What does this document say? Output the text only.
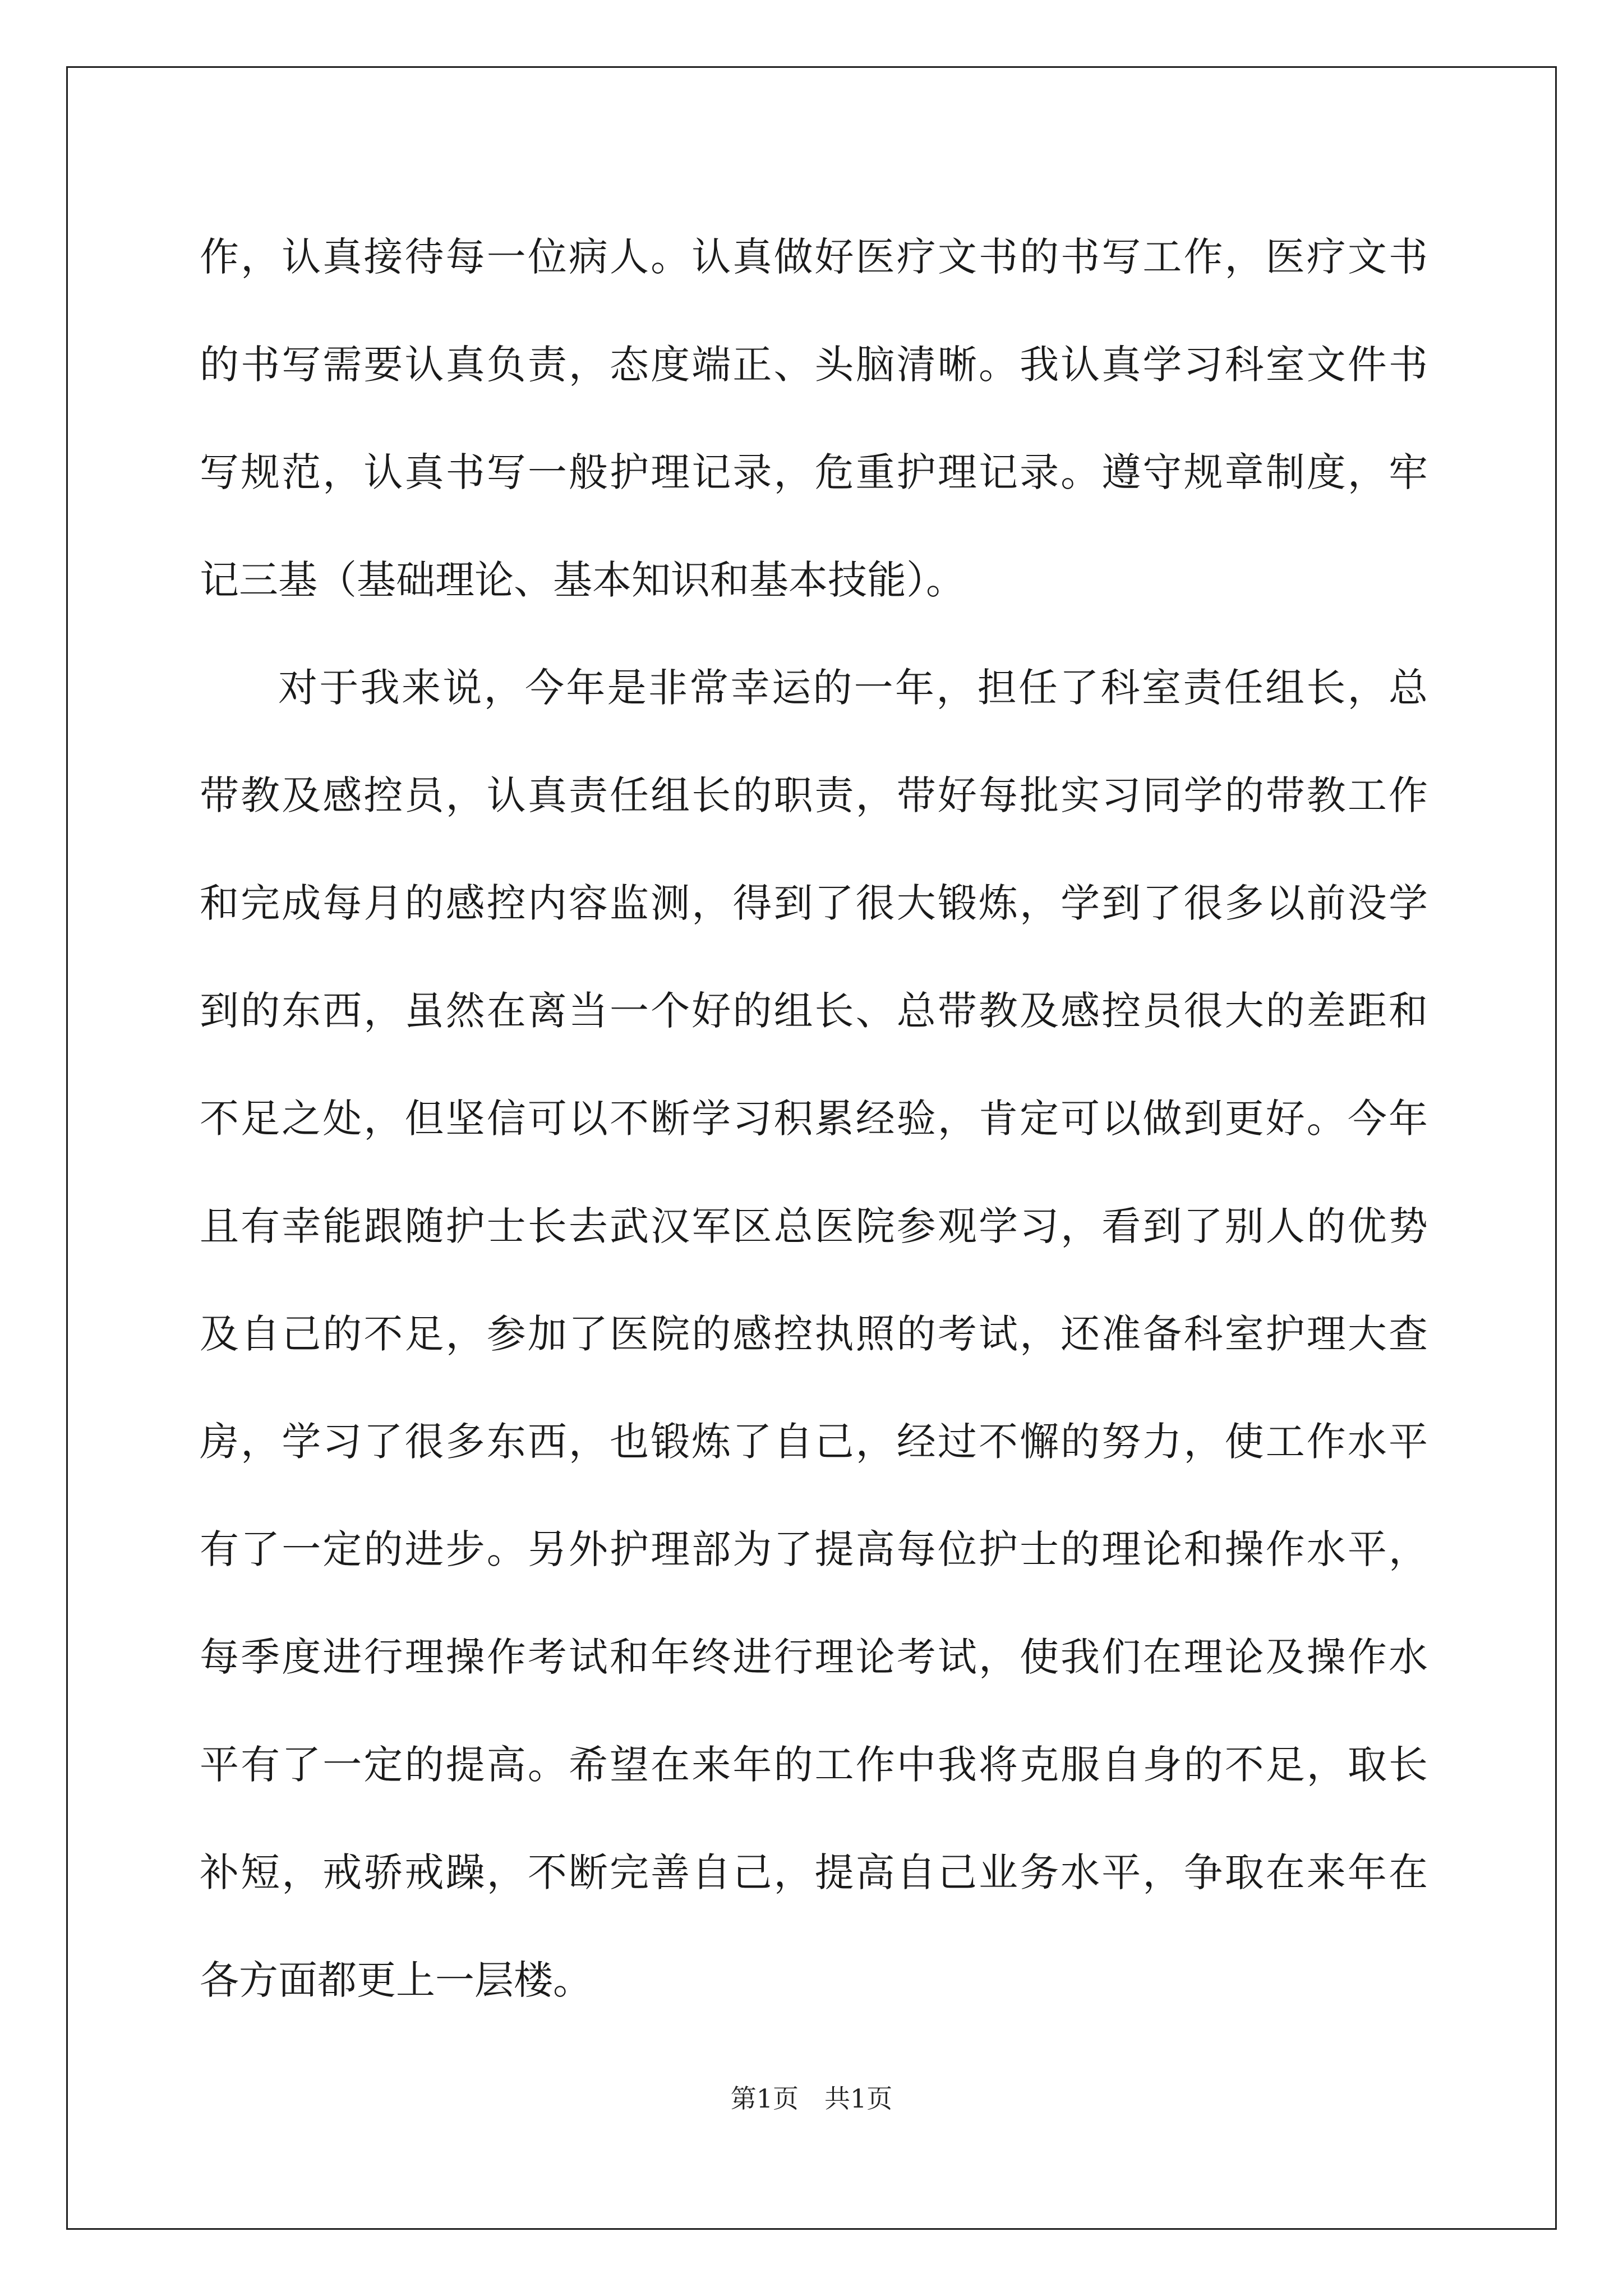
作，认真接待每一位病人。认真做好医疗文书的书写工作，医疗文书
的书写需要认真负责，态度端正、头脑清晰。我认真学习科室文件书
写规范，认真书写一般护理记录，危重护理记录。遵守规章制度，牢
记三基（基础理论、基本知识和基本技能）。
对于我来说，今年是非常幸运的一年，担任了科室责任组长，总
带教及感控员，认真责任组长的职责，带好每批实习同学的带教工作
和完成每月的感控内容监测，得到了很大锻炼，学到了很多以前没学
到的东西，虽然在离当一个好的组长、总带教及感控员很大的差距和
不足之处，但坚信可以不断学习积累经验，肯定可以做到更好。今年
且有幸能跟随护士长去武汉军区总医院参观学习，看到了别人的优势
及自己的不足，参加了医院的感控执照的考试，还准备科室护理大查
房，学习了很多东西，也锻炼了自己，经过不懈的努力，使工作水平
有了一定的进步。另外护理部为了提高每位护士的理论和操作水平，
每季度进行理操作考试和年终进行理论考试，使我们在理论及操作水
平有了一定的提高。希望在来年的工作中我将克服自身的不足，取长
补短，戒骄戒躁，不断完善自己，提高自己业务水平，争取在来年在
各方面都更上一层楼。
第1页　共1页
